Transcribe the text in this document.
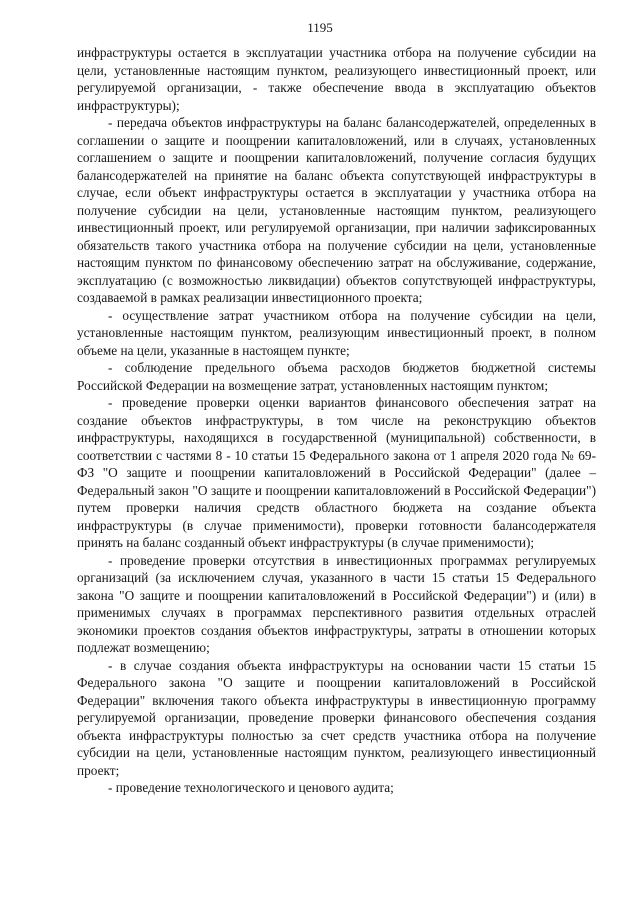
1195

инфраструктуры остается в эксплуатации участника отбора на получение субсидии на цели, установленные настоящим пунктом, реализующего инвестиционный проект, или регулируемой организации, - также обеспечение ввода в эксплуатацию объектов инфраструктуры);

- передача объектов инфраструктуры на баланс балансодержателей, определенных в соглашении о защите и поощрении капиталовложений, или в случаях, установленных соглашением о защите и поощрении капиталовложений, получение согласия будущих балансодержателей на принятие на баланс объекта сопутствующей инфраструктуры в случае, если объект инфраструктуры остается в эксплуатации у участника отбора на получение субсидии на цели, установленные настоящим пунктом, реализующего инвестиционный проект, или регулируемой организации, при наличии зафиксированных обязательств такого участника отбора на получение субсидии на цели, установленные настоящим пунктом по финансовому обеспечению затрат на обслуживание, содержание, эксплуатацию (с возможностью ликвидации) объектов сопутствующей инфраструктуры, создаваемой в рамках реализации инвестиционного проекта;

- осуществление затрат участником отбора на получение субсидии на цели, установленные настоящим пунктом, реализующим инвестиционный проект, в полном объеме на цели, указанные в настоящем пункте;

- соблюдение предельного объема расходов бюджетов бюджетной системы Российской Федерации на возмещение затрат, установленных настоящим пунктом;

- проведение проверки оценки вариантов финансового обеспечения затрат на создание объектов инфраструктуры, в том числе на реконструкцию объектов инфраструктуры, находящихся в государственной (муниципальной) собственности, в соответствии с частями 8 - 10 статьи 15 Федерального закона от 1 апреля 2020 года № 69-ФЗ "О защите и поощрении капиталовложений в Российской Федерации" (далее – Федеральный закон "О защите и поощрении капиталовложений в Российской Федерации") путем проверки наличия средств областного бюджета на создание объекта инфраструктуры (в случае применимости), проверки готовности балансодержателя принять на баланс созданный объект инфраструктуры (в случае применимости);

- проведение проверки отсутствия в инвестиционных программах регулируемых организаций (за исключением случая, указанного в части 15 статьи 15 Федерального закона "О защите и поощрении капиталовложений в Российской Федерации") и (или) в применимых случаях в программах перспективного развития отдельных отраслей экономики проектов создания объектов инфраструктуры, затраты в отношении которых подлежат возмещению;

- в случае создания объекта инфраструктуры на основании части 15 статьи 15 Федерального закона "О защите и поощрении капиталовложений в Российской Федерации" включения такого объекта инфраструктуры в инвестиционную программу регулируемой организации, проведение проверки финансового обеспечения создания объекта инфраструктуры полностью за счет средств участника отбора на получение субсидии на цели, установленные настоящим пунктом, реализующего инвестиционный проект;

- проведение технологического и ценового аудита;
